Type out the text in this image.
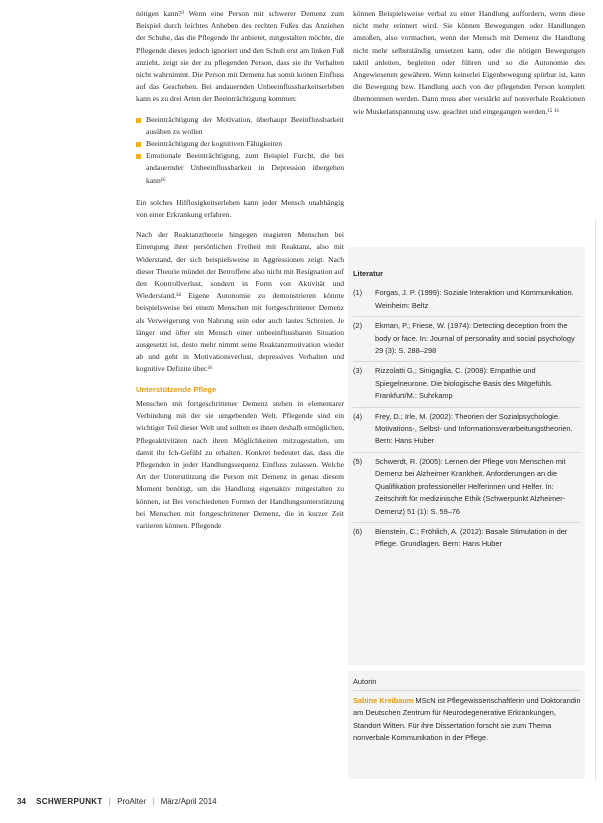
nötigen kann?³ Wenn eine Person mit schwerer Demenz zum Beispiel durch leichtes Anheben des rechten Fußes das Anziehen der Schuhe, das die Pflegende ihr anbietet, mitgestalten möchte, die Pflegende dieses jedoch ignoriert und den Schuh erst am linken Fuß anzieht, zeigt sie der zu pflegenden Person, dass sie ihr Verhalten nicht wahrnimmt. Die Person mit Demenz hat somit keinen Einfluss auf das Geschehen. Bei andauernden Unbeeinflussbarkeitserleben kann es zu drei Arten der Beeinträchtigung kommen:

Beeinträchtigung der Motivation, überhaupt Beeinflussbarkeit ausüben zu wollen
Beeinträchtigung der kognitiven Fähigkeiten
Emotionale Beeinträchtigung, zum Beispiel Furcht, die bei andauernder Unbeeinflussbarkeit in Depression übergehen kann¹⁶

Ein solches Hilflosigkeitserleben kann jeder Mensch unabhängig von einer Erkrankung erfahren.

Nach der Reaktanztheorie hingegen reagieren Menschen bei Einengung ihrer persönlichen Freiheit mit Reaktanz, also mit Widerstand, der sich beispielsweise in Aggressionen zeigt. Nach dieser Theorie mündet der Betroffene also nicht mit Resignation auf den Kontrollverlust, sondern in Form von Aktivität und Wiederstand.¹⁴ Eigene Autonomie zu demonstrieren könnte beispielsweise bei einem Menschen mit fortgeschrittener Demenz als Verweigerung von Nahrung sein oder auch lautes Schreien. Je länger und öfter ein Mensch einer unbeeinflussbaren Situation ausgesetzt ist, desto mehr nimmt seine Reaktanzmotivation wieder ab und geht in Motivationsverlust, depressives Verhalten und kognitive Defizite über.¹⁶

Unterstützende Pflege

Menschen mit fortgeschrittener Demenz stehen in elementarer Verbindung mit der sie umgebenden Welt. Pflegende sind ein wichtiger Teil dieser Welt und sollten es ihnen deshalb ermöglichen, Pflegeaktivitäten nach ihren Möglichkeiten mitzugestalten, um damit ihr Ich-Gefühl zu erhalten. Konkret bedeutet das, dass die Pflegenden in jeder Handlungssequenz Einfluss zulassen. Welche Art der Unterstützung die Person mit Demenz in genau diesem Moment benötigt, um die Handlung eigenaktiv mitgestalten zu können, ist Bei verschiedenen Formen der Handlungsunterstützung bei Menschen mit fortgeschrittener Demenz, die in kurzer Zeit variieren können. Pflegende

können Beispielsweise verbal zu einer Handlung auffordern, wenn diese nicht mehr erinnert wird. Sie können Bewegungen oder Handlungen anstoßen, also vormachen, wenn der Mensch mit Demenz die Handlung nicht mehr selbstständig umsetzen kann, oder die nötigen Bewegungen taktil anleiten, begleiten oder führen und so die Autonomie des Angewiesenen gewähren. Wenn keinerlei Eigenbewegung spürbar ist, kann die Bewegung bzw. Handlung auch von der pflegenden Person komplett übernommen werden. Dann muss aber verstärkt auf nonverbale Reaktionen wie Muskelanspannung usw. geachtet und eingegangen werden.¹⁵ ¹⁶

Literatur
(1)	Forgas, J. P. (1999): Soziale Interaktion und Kommunikation. Weinheim: Beltz
(2)	Ekman, P.; Friese, W. (1974): Detecting deception from the body or face. In: Journal of personality and social psychology 29 (3): S. 288–298
(3)	Rizzolatti G.; Sinigaglia, C. (2008): Empathie und Spiegelneurone. Die biologische Basis des Mitgefühls. Frankfurt/M.: Suhrkamp
(4)	Frey, D.; Irle, M. (2002): Theorien der Sozialpsychologie. Motivations-, Selbst- und Informationsverarbeitungstheorien. Bern: Hans Huber
(5)	Schwerdt, R. (2005): Lernen der Pflege von Menschen mit Demenz bei Alzheimer Krankheit. Anforderungen an die Qualifikation professioneller Helferinnen und Helfer. In: Zeitschrift für medizinische Ethik (Schwerpunkt Alzheimer-Demenz) 51 (1): S. 59–76
(6)	Bienstein, C.; Fröhlich, A. (2012): Basale Stimulation in der Pflege. Grundlagen. Bern: Hans Huber
Autorin
Sabine Kreibaum MScN ist Pflegewissenschaftlerin und Doktorandin am Deutschen Zentrum für Neurodegenerative Erkrankungen, Standort Witten. Für ihre Dissertation forscht sie zum Thema nonverbale Kommunikation in der Pflege.
34 SCHWERPUNKT | ProAlter | März/April 2014
